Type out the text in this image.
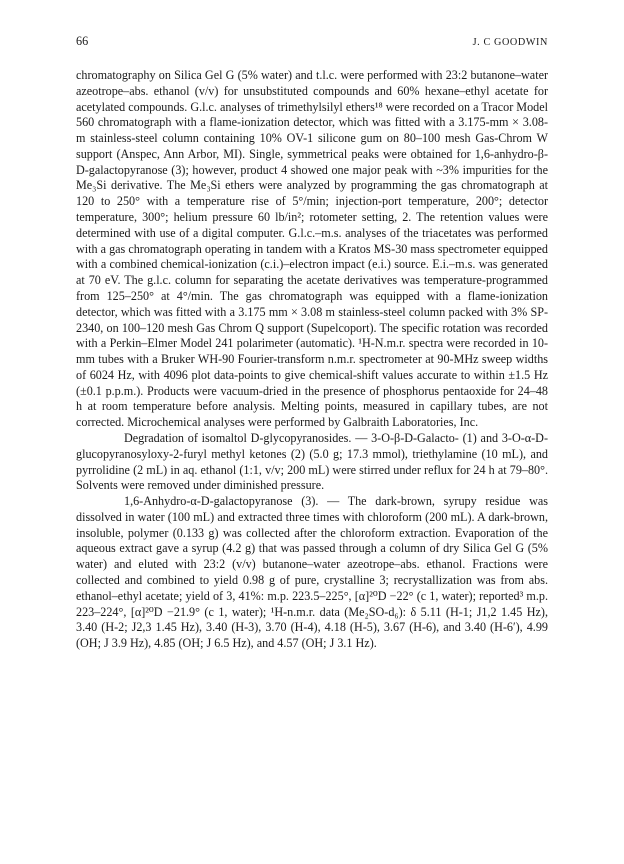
66	J. C GOODWIN

chromatography on Silica Gel G (5% water) and t.l.c. were performed with 23:2 butanone–water azeotrope–abs. ethanol (v/v) for unsubstituted compounds and 60% hexane–ethyl acetate for acetylated compounds. G.l.c. analyses of trimethylsilyl ethers¹⁸ were recorded on a Tracor Model 560 chromatograph with a flame-ionization detector, which was fitted with a 3.175-mm × 3.08-m stainless-steel column containing 10% OV-1 silicone gum on 80–100 mesh Gas-Chrom W support (Anspec, Ann Arbor, MI). Single, symmetrical peaks were obtained for 1,6-anhydro-β-D-galactopyranose (3); however, product 4 showed one major peak with ~3% impurities for the Me₃Si derivative. The Me₃Si ethers were analyzed by programming the gas chromatograph at 120 to 250° with a temperature rise of 5°/min; injection-port temperature, 200°; detector temperature, 300°; helium pressure 60 lb/in²; rotometer setting, 2. The retention values were determined with use of a digital computer. G.l.c.–m.s. analyses of the triacetates was performed with a gas chromatograph operating in tandem with a Kratos MS-30 mass spectrometer equipped with a combined chemical-ionization (c.i.)–electron impact (e.i.) source. E.i.–m.s. was generated at 70 eV. The g.l.c. column for separating the acetate derivatives was temperature-programmed from 125–250° at 4°/min. The gas chromatograph was equipped with a flame-ionization detector, which was fitted with a 3.175 mm × 3.08 m stainless-steel column packed with 3% SP-2340, on 100–120 mesh Gas Chrom Q support (Supelcoport). The specific rotation was recorded with a Perkin–Elmer Model 241 polarimeter (automatic). ¹H-N.m.r. spectra were recorded in 10-mm tubes with a Bruker WH-90 Fourier-transform n.m.r. spectrometer at 90-MHz sweep widths of 6024 Hz, with 4096 plot data-points to give chemical-shift values accurate to within ±1.5 Hz (±0.1 p.p.m.). Products were vacuum-dried in the presence of phosphorus pentaoxide for 24–48 h at room temperature before analysis. Melting points, measured in capillary tubes, are not corrected. Microchemical analyses were performed by Galbraith Laboratories, Inc.

Degradation of isomaltol D-glycopyranosides. — 3-O-β-D-Galacto- (1) and 3-O-α-D-glucopyranosyloxy-2-furyl methyl ketones (2) (5.0 g; 17.3 mmol), triethylamine (10 mL), and pyrrolidine (2 mL) in aq. ethanol (1:1, v/v; 200 mL) were stirred under reflux for 24 h at 79–80°. Solvents were removed under diminished pressure.

1,6-Anhydro-α-D-galactopyranose (3). — The dark-brown, syrupy residue was dissolved in water (100 mL) and extracted three times with chloroform (200 mL). A dark-brown, insoluble, polymer (0.133 g) was collected after the chloroform extraction. Evaporation of the aqueous extract gave a syrup (4.2 g) that was passed through a column of dry Silica Gel G (5% water) and eluted with 23:2 (v/v) butanone–water azeotrope–abs. ethanol. Fractions were collected and combined to yield 0.98 g of pure, crystalline 3; recrystallization was from abs. ethanol–ethyl acetate; yield of 3, 41%: m.p. 223.5–225°, [α]²⁰D −22° (c 1, water); reported³ m.p. 223–224°, [α]²⁰D −21.9° (c 1, water); ¹H-n.m.r. data (Me₂SO-d₆): δ 5.11 (H-1; J1,2 1.45 Hz), 3.40 (H-2; J2,3 1.45 Hz), 3.40 (H-3), 3.70 (H-4), 4.18 (H-5), 3.67 (H-6), and 3.40 (H-6′), 4.99 (OH; J 3.9 Hz), 4.85 (OH; J 6.5 Hz), and 4.57 (OH; J 3.1 Hz).
